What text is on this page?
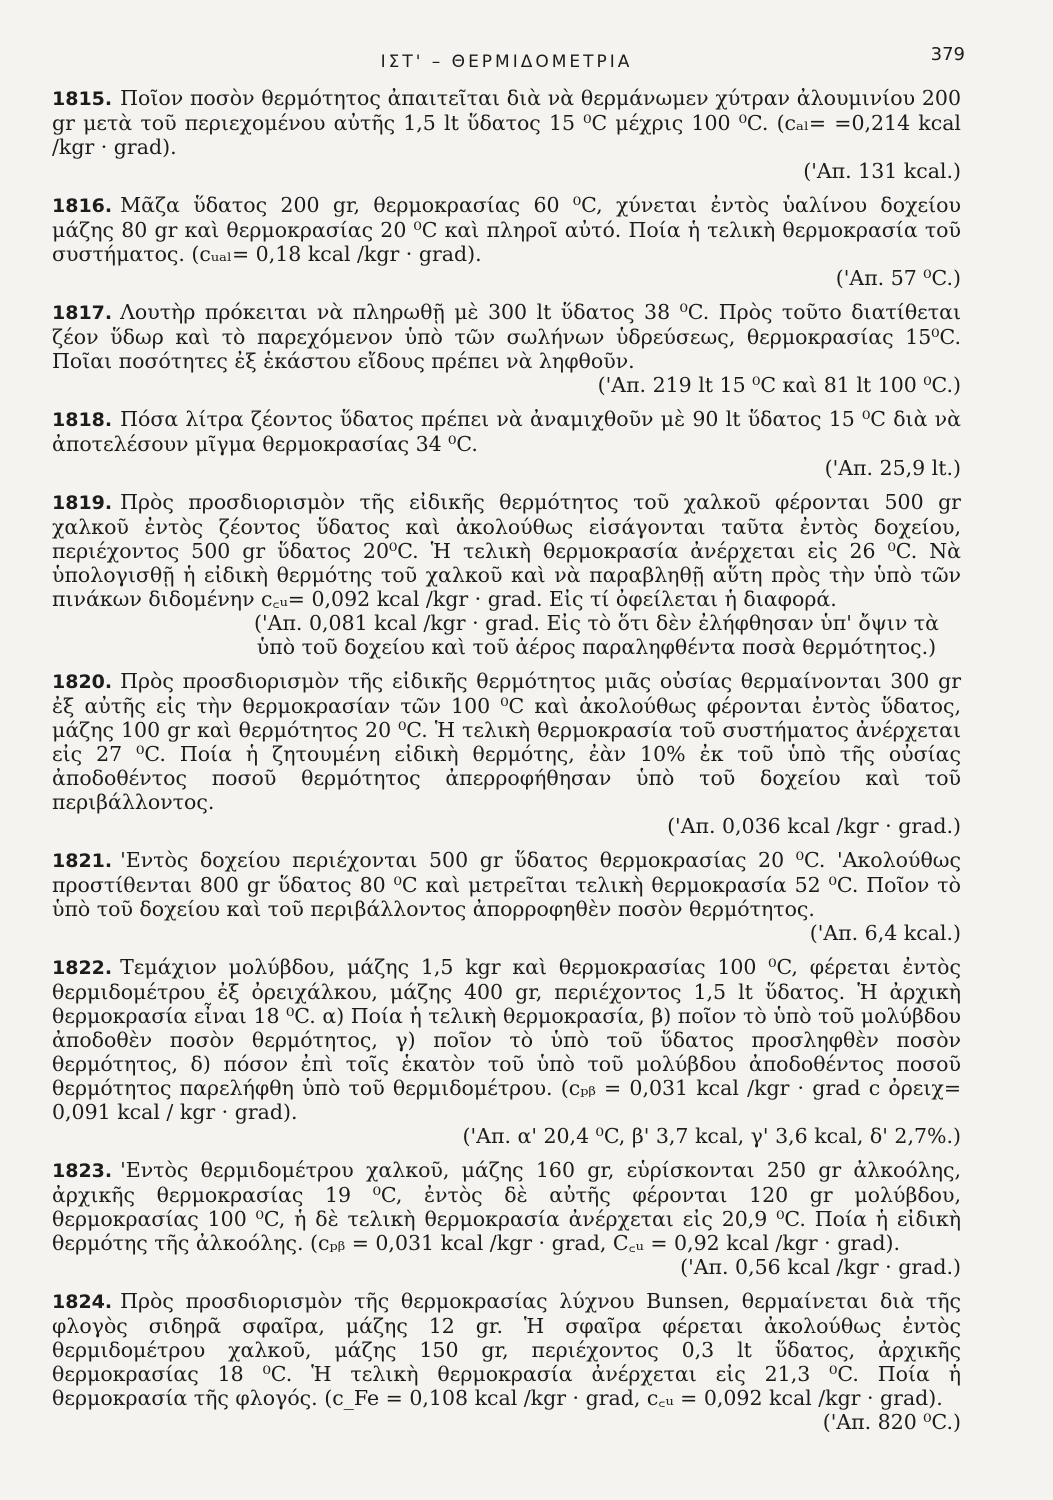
ΙΣΤ' – ΘΕΡΜΙΔΟΜΕΤΡΙΑ	379

1815. Ποῖον ποσὸν θερμότητος ἀπαιτεῖται διὰ νὰ θερμάνωμεν χύτραν ἀλουμινίου 200 gr μετὰ τοῦ περιεχομένου αὐτῆς 1,5 lt ὕδατος 15 ⁰C μέχρις 100 ⁰C. (cₐₗ= =0,214 kcal /kgr · grad).

('Απ. 131 kcal.)

1816. Μᾶζα ὕδατος 200 gr, θερμοκρασίας 60 ⁰C, χύνεται ἐντὸς ὑαλίνου δοχείου μάζης 80 gr καὶ θερμοκρασίας 20 ⁰C καὶ πληροῖ αὐτό. Ποία ἡ τελικὴ θερμοκρασία τοῦ συστήματος. (cᵤₐₗ= 0,18 kcal /kgr · grad).

('Απ. 57 ⁰C.)

1817. Λουτὴρ πρόκειται νὰ πληρωθῇ μὲ 300 lt ὕδατος 38 ⁰C. Πρὸς τοῦτο διατίθεται ζέον ὕδωρ καὶ τὸ παρεχόμενον ὑπὸ τῶν σωλήνων ὑδρεύσεως, θερμοκρασίας 15⁰C. Ποῖαι ποσότητες ἐξ ἑκάστου εἴδους πρέπει νὰ ληφθοῦν.

('Απ. 219 lt 15 ⁰C καὶ 81 lt 100 ⁰C.)

1818. Πόσα λίτρα ζέοντος ὕδατος πρέπει νὰ ἀναμιχθοῦν μὲ 90 lt ὕδατος 15 ⁰C διὰ νὰ ἀποτελέσουν μῖγμα θερμοκρασίας 34 ⁰C.

('Απ. 25,9 lt.)

1819. Πρὸς προσδιορισμὸν τῆς εἰδικῆς θερμότητος τοῦ χαλκοῦ φέρονται 500 gr χαλκοῦ ἐντὸς ζέοντος ὕδατος καὶ ἀκολούθως εἰσάγονται ταῦτα ἐντὸς δοχείου, περιέχοντος 500 gr ὕδατος 20⁰C. Ἡ τελικὴ θερμοκρασία ἀνέρχεται εἰς 26 ⁰C. Νὰ ὑπολογισθῇ ἡ εἰδικὴ θερμότης τοῦ χαλκοῦ καὶ νὰ παραβληθῇ αὕτη πρὸς τὴν ὑπὸ τῶν πινάκων διδομένην c꜀ᵤ= 0,092 kcal /kgr · grad. Εἰς τί ὀφείλεται ἡ διαφορά.

('Απ. 0,081 kcal /kgr · grad. Εἰς τὸ ὅτι δὲν ἐλήφθησαν ὑπ' ὄψιν τὰ ὑπὸ τοῦ δοχείου καὶ τοῦ ἀέρος παραληφθέντα ποσὰ θερμότητος.)

1820. Πρὸς προσδιορισμὸν τῆς εἰδικῆς θερμότητος μιᾶς οὐσίας θερμαίνονται 300 gr ἐξ αὐτῆς εἰς τὴν θερμοκρασίαν τῶν 100 ⁰C καὶ ἀκολούθως φέρονται ἐντὸς ὕδατος, μάζης 100 gr καὶ θερμότητος 20 ⁰C. Ἡ τελικὴ θερμοκρασία τοῦ συστήματος ἀνέρχεται εἰς 27 ⁰C. Ποία ἡ ζητουμένη εἰδικὴ θερμότης, ἐὰν 10% ἐκ τοῦ ὑπὸ τῆς οὐσίας ἀποδοθέντος ποσοῦ θερμότητος ἀπερροφήθησαν ὑπὸ τοῦ δοχείου καὶ τοῦ περιβάλλοντος.

('Απ. 0,036 kcal /kgr · grad.)

1821. 'Εντὸς δοχείου περιέχονται 500 gr ὕδατος θερμοκρασίας 20 ⁰C. 'Ακολούθως προστίθενται 800 gr ὕδατος 80 ⁰C καὶ μετρεῖται τελικὴ θερμοκρασία 52 ⁰C. Ποῖον τὸ ὑπὸ τοῦ δοχείου καὶ τοῦ περιβάλλοντος ἀπορροφηθὲν ποσὸν θερμότητος.

('Απ. 6,4 kcal.)

1822. Τεμάχιον μολύβδου, μάζης 1,5 kgr καὶ θερμοκρασίας 100 ⁰C, φέρεται ἐντὸς θερμιδομέτρου ἐξ ὀρειχάλκου, μάζης 400 gr, περιέχοντος 1,5 lt ὕδατος. Ἡ ἀρχικὴ θερμοκρασία εἶναι 18 ⁰C. α) Ποία ἡ τελικὴ θερμοκρασία, β) ποῖον τὸ ὑπὸ τοῦ μολύβδου ἀποδοθὲν ποσὸν θερμότητος, γ) ποῖον τὸ ὑπὸ τοῦ ὕδατος προσληφθὲν ποσὸν θερμότητος, δ) πόσον ἐπὶ τοῖς ἑκατὸν τοῦ ὑπὸ τοῦ μολύβδου ἀποδοθέντος ποσοῦ θερμότητος παρελήφθη ὑπὸ τοῦ θερμιδομέτρου. (cₚᵦ = 0,031 kcal /kgr · grad c ὀρειχ= 0,091 kcal / kgr · grad).

('Απ. α' 20,4 ⁰C, β' 3,7 kcal, γ' 3,6 kcal, δ' 2,7%.)

1823. 'Εντὸς θερμιδομέτρου χαλκοῦ, μάζης 160 gr, εὑρίσκονται 250 gr ἀλκοόλης, ἀρχικῆς θερμοκρασίας 19 ⁰C, ἐντὸς δὲ αὐτῆς φέρονται 120 gr μολύβδου, θερμοκρασίας 100 ⁰C, ἡ δὲ τελικὴ θερμοκρασία ἀνέρχεται εἰς 20,9 ⁰C. Ποία ἡ εἰδικὴ θερμότης τῆς ἀλκοόλης. (cₚᵦ = 0,031 kcal /kgr · grad, C꜀ᵤ = 0,92 kcal /kgr · grad).

('Απ. 0,56 kcal /kgr · grad.)

1824. Πρὸς προσδιορισμὸν τῆς θερμοκρασίας λύχνου Bunsen, θερμαίνεται διὰ τῆς φλογὸς σιδηρᾶ σφαῖρα, μάζης 12 gr. Ἡ σφαῖρα φέρεται ἀκολούθως ἐντὸς θερμιδομέτρου χαλκοῦ, μάζης 150 gr, περιέχοντος 0,3 lt ὕδατος, ἀρχικῆς θερμοκρασίας 18 ⁰C. Ἡ τελικὴ θερμοκρασία ἀνέρχεται εἰς 21,3 ⁰C. Ποία ἡ θερμοκρασία τῆς φλογός. (c_Fe = 0,108 kcal /kgr · grad, c꜀ᵤ = 0,092 kcal /kgr · grad).

('Απ. 820 ⁰C.)
